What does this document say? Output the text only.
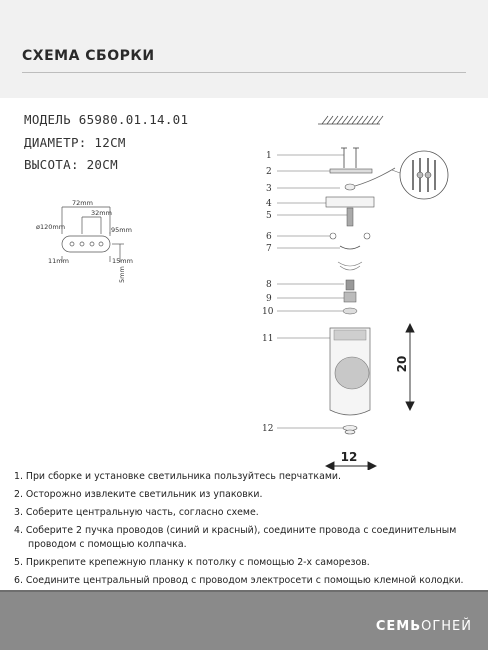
СХЕМА СБОРКИ
МОДЕЛЬ 65980.01.14.01
ДИАМЕТР: 12СМ
ВЫСОТА: 20СМ
72mm
32mm
ø120mm	95mm
11mm	15mm
5mm
1
2
3
4
5
6
7
8
9
10
11
12
20
12
1. При сборке и установке светильника пользуйтесь перчатками.
2. Осторожно извлеките светильник из упаковки.
3. Соберите центральную часть, согласно схеме.
4. Соберите 2 пучка проводов (синий и красный), соедините провода с соединительным
проводом с помощью колпачка.
5. Прикрепите крепежную планку к потолку с помощью 2-х саморезов.
6. Соедините центральный провод с проводом электросети с помощью клемной колодки.
СЕМЬОГНЕЙ
